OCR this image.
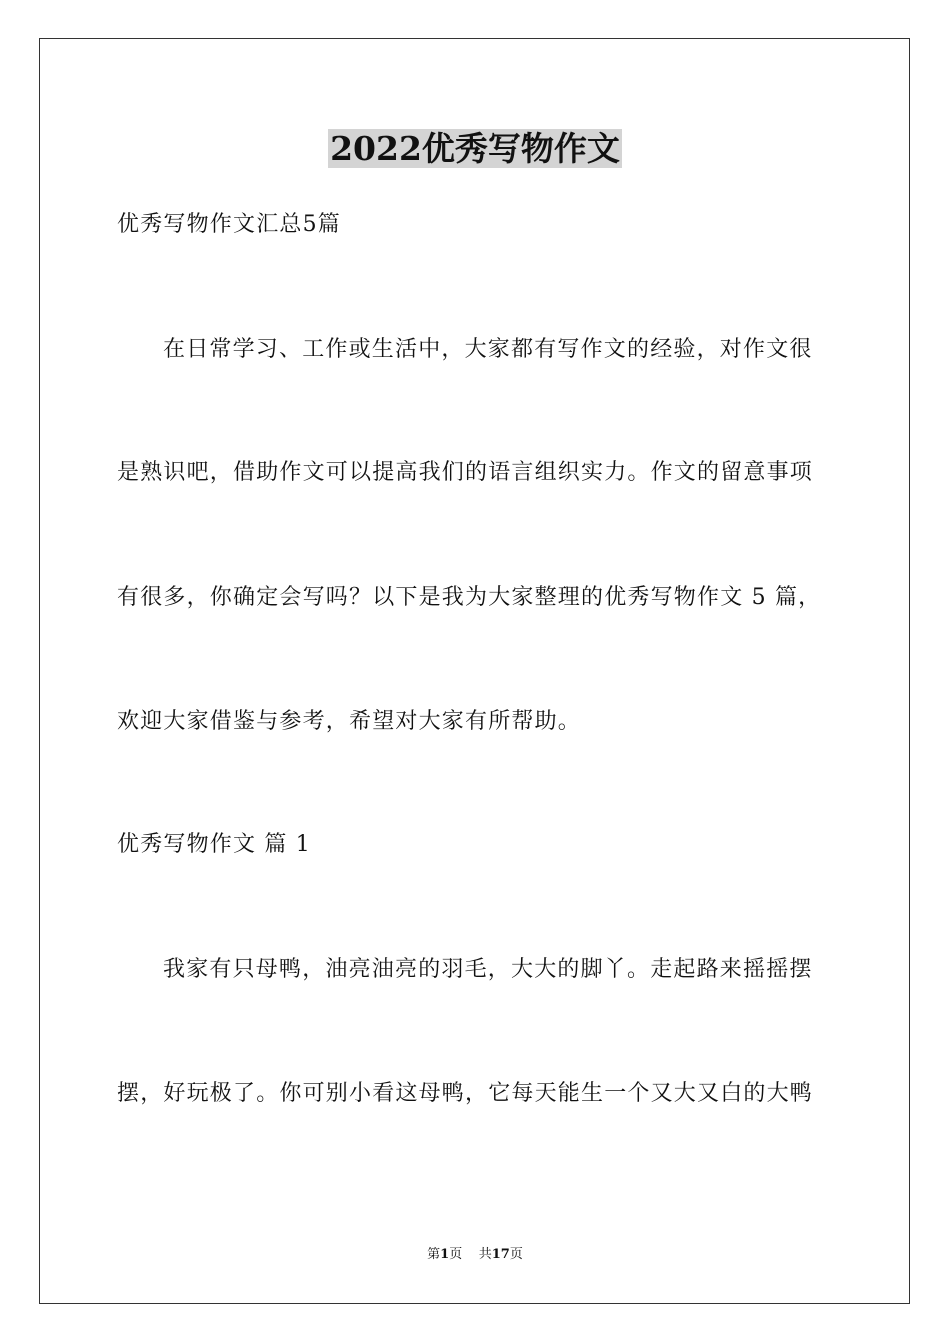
2022优秀写物作文
优秀写物作文汇总5篇
在日常学习、工作或生活中，大家都有写作文的经验，对作文很
是熟识吧，借助作文可以提高我们的语言组织实力。作文的留意事项
有很多，你确定会写吗？以下是我为大家整理的优秀写物作文 5 篇，
欢迎大家借鉴与参考，希望对大家有所帮助。
优秀写物作文 篇 1
我家有只母鸭，油亮油亮的羽毛，大大的脚丫。走起路来摇摇摆
摆，好玩极了。你可别小看这母鸭，它每天能生一个又大又白的大鸭
第1页 共17页
